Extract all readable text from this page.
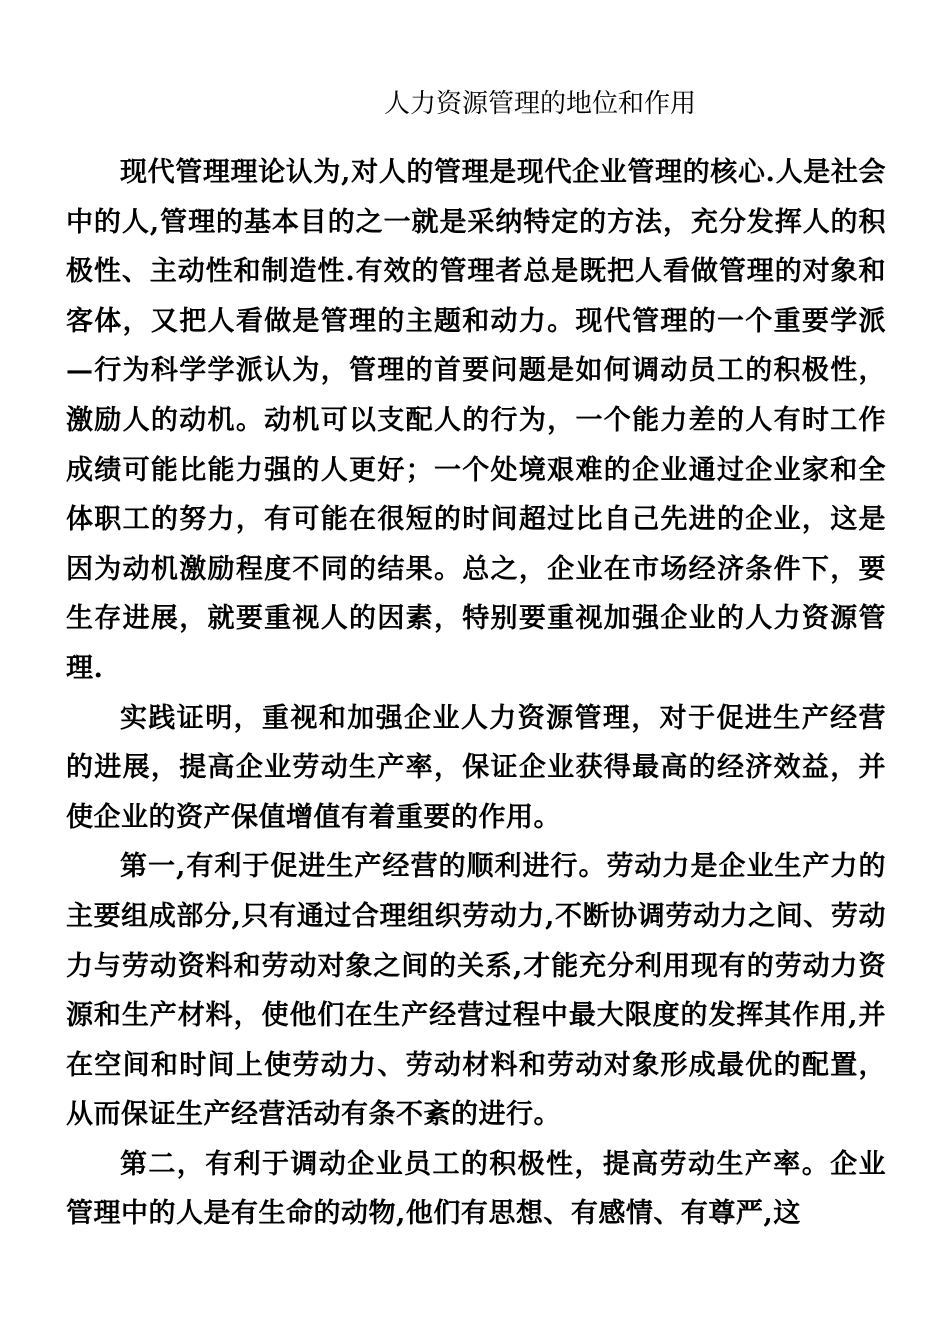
人力资源管理的地位和作用

现代管理理论认为,对人的管理是现代企业管理的核心.人是社会中的人,管理的基本目的之一就是采纳特定的方法，充分发挥人的积极性、主动性和制造性.有效的管理者总是既把人看做管理的对象和客体，又把人看做是管理的主题和动力。现代管理的一个重要学派—行为科学学派认为，管理的首要问题是如何调动员工的积极性，激励人的动机。动机可以支配人的行为，一个能力差的人有时工作成绩可能比能力强的人更好；一个处境艰难的企业通过企业家和全体职工的努力，有可能在很短的时间超过比自己先进的企业，这是因为动机激励程度不同的结果。总之，企业在市场经济条件下，要生存进展，就要重视人的因素，特别要重视加强企业的人力资源管理.

实践证明，重视和加强企业人力资源管理，对于促进生产经营的进展，提高企业劳动生产率，保证企业获得最高的经济效益，并使企业的资产保值增值有着重要的作用。

第一,有利于促进生产经营的顺利进行。劳动力是企业生产力的主要组成部分,只有通过合理组织劳动力,不断协调劳动力之间、劳动力与劳动资料和劳动对象之间的关系,才能充分利用现有的劳动力资源和生产材料，使他们在生产经营过程中最大限度的发挥其作用,并在空间和时间上使劳动力、劳动材料和劳动对象形成最优的配置，从而保证生产经营活动有条不紊的进行。

第二，有利于调动企业员工的积极性，提高劳动生产率。企业管理中的人是有生命的动物,他们有思想、有感情、有尊严,这
